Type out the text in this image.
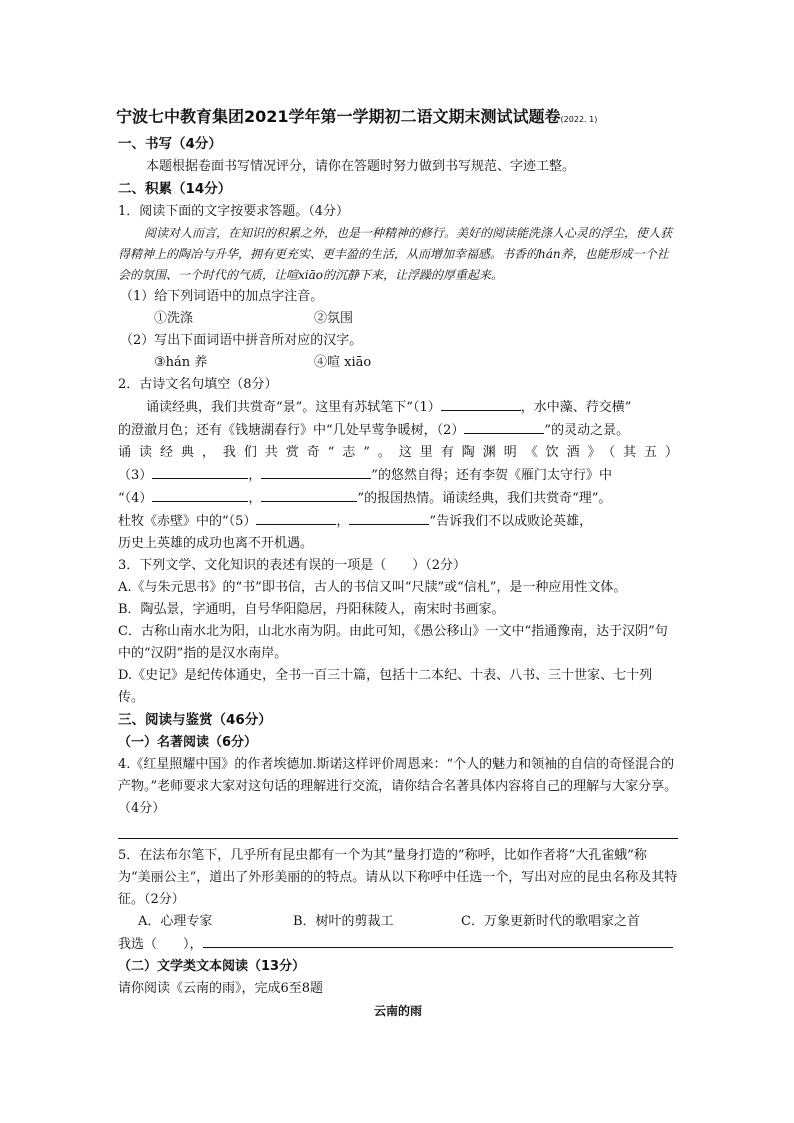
宁波七中教育集团2021学年第一学期初二语文期末测试试题卷(2022. 1)
一、书写（4分）
本题根据卷面书写情况评分，请你在答题时努力做到书写规范、字迹工整。
二、积累（14分）
1．阅读下面的文字按要求答题。（4分）
阅读对人而言，在知识的积累之外，也是一种精神的修行。美好的阅读能洗涤人心灵的浮尘，使人获得精神上的陶冶与升华，拥有更充实、更丰盈的生活，从而增加幸福感。书香的hán养，也能形成一个社会的氛围、一个时代的气质，让喧xiāo的沉静下来，让浮躁的厚重起来。
（1）给下列词语中的加点字注音。
①洗涤	②氛围
（2）写出下面词语中拼音所对应的汉字。
③hán 养	④喧 xiāo
2．古诗文名句填空（8分）
诵读经典，我们共赏奇“景”。这里有苏轼笔下“（1）	，水中藻、荇交横”
的澄澈月色；还有《钱塘湖春行》中“几处早莺争暖树，（2）	”的灵动之景。
诵读经典，我们共赏奇“志”。这里有陶渊明《饮酒》（其五）
（3）	，	”的悠然自得；还有李贺《雁门太守行》中
“（4）	，	”的报国热情。诵读经典，我们共赏奇“理”。
杜牧《赤壁》中的“（5）	，	”告诉我们不以成败论英雄，
历史上英雄的成功也离不开机遇。
3．下列文学、文化知识的表述有误的一项是（　　）（2分）
A.《与朱元思书》的“书”即书信，古人的书信又叫“尺牍”或“信札”，是一种应用性文体。
B．陶弘景，字通明，自号华阳隐居，丹阳秣陵人，南宋时书画家。
C．古称山南水北为阳，山北水南为阴。由此可知，《愚公移山》一文中“指通豫南，达于汉阴”句中的“汉阴”指的是汉水南岸。
D.《史记》是纪传体通史，全书一百三十篇，包括十二本纪、十表、八书、三十世家、七十列传。
三、阅读与鉴赏（46分）
（一）名著阅读（6分）
4.《红星照耀中国》的作者埃德加.斯诺这样评价周恩来：“个人的魅力和领袖的自信的奇怪混合的产物。”老师要求大家对这句话的理解进行交流，请你结合名著具体内容将自己的理解与大家分享。（4分）
5．在法布尔笔下，几乎所有昆虫都有一个为其“量身打造的”称呼，比如作者将“大孔雀蛾”称为“美丽公主”，道出了外形美丽的的特点。请从以下称呼中任选一个，写出对应的昆虫名称及其特征。（2分）
A．心理专家	B．树叶的剪裁工	C．万象更新时代的歌唱家之首
我选（　　），
（二）文学类文本阅读（13分）
请你阅读《云南的雨》，完成6至8题
云南的雨
